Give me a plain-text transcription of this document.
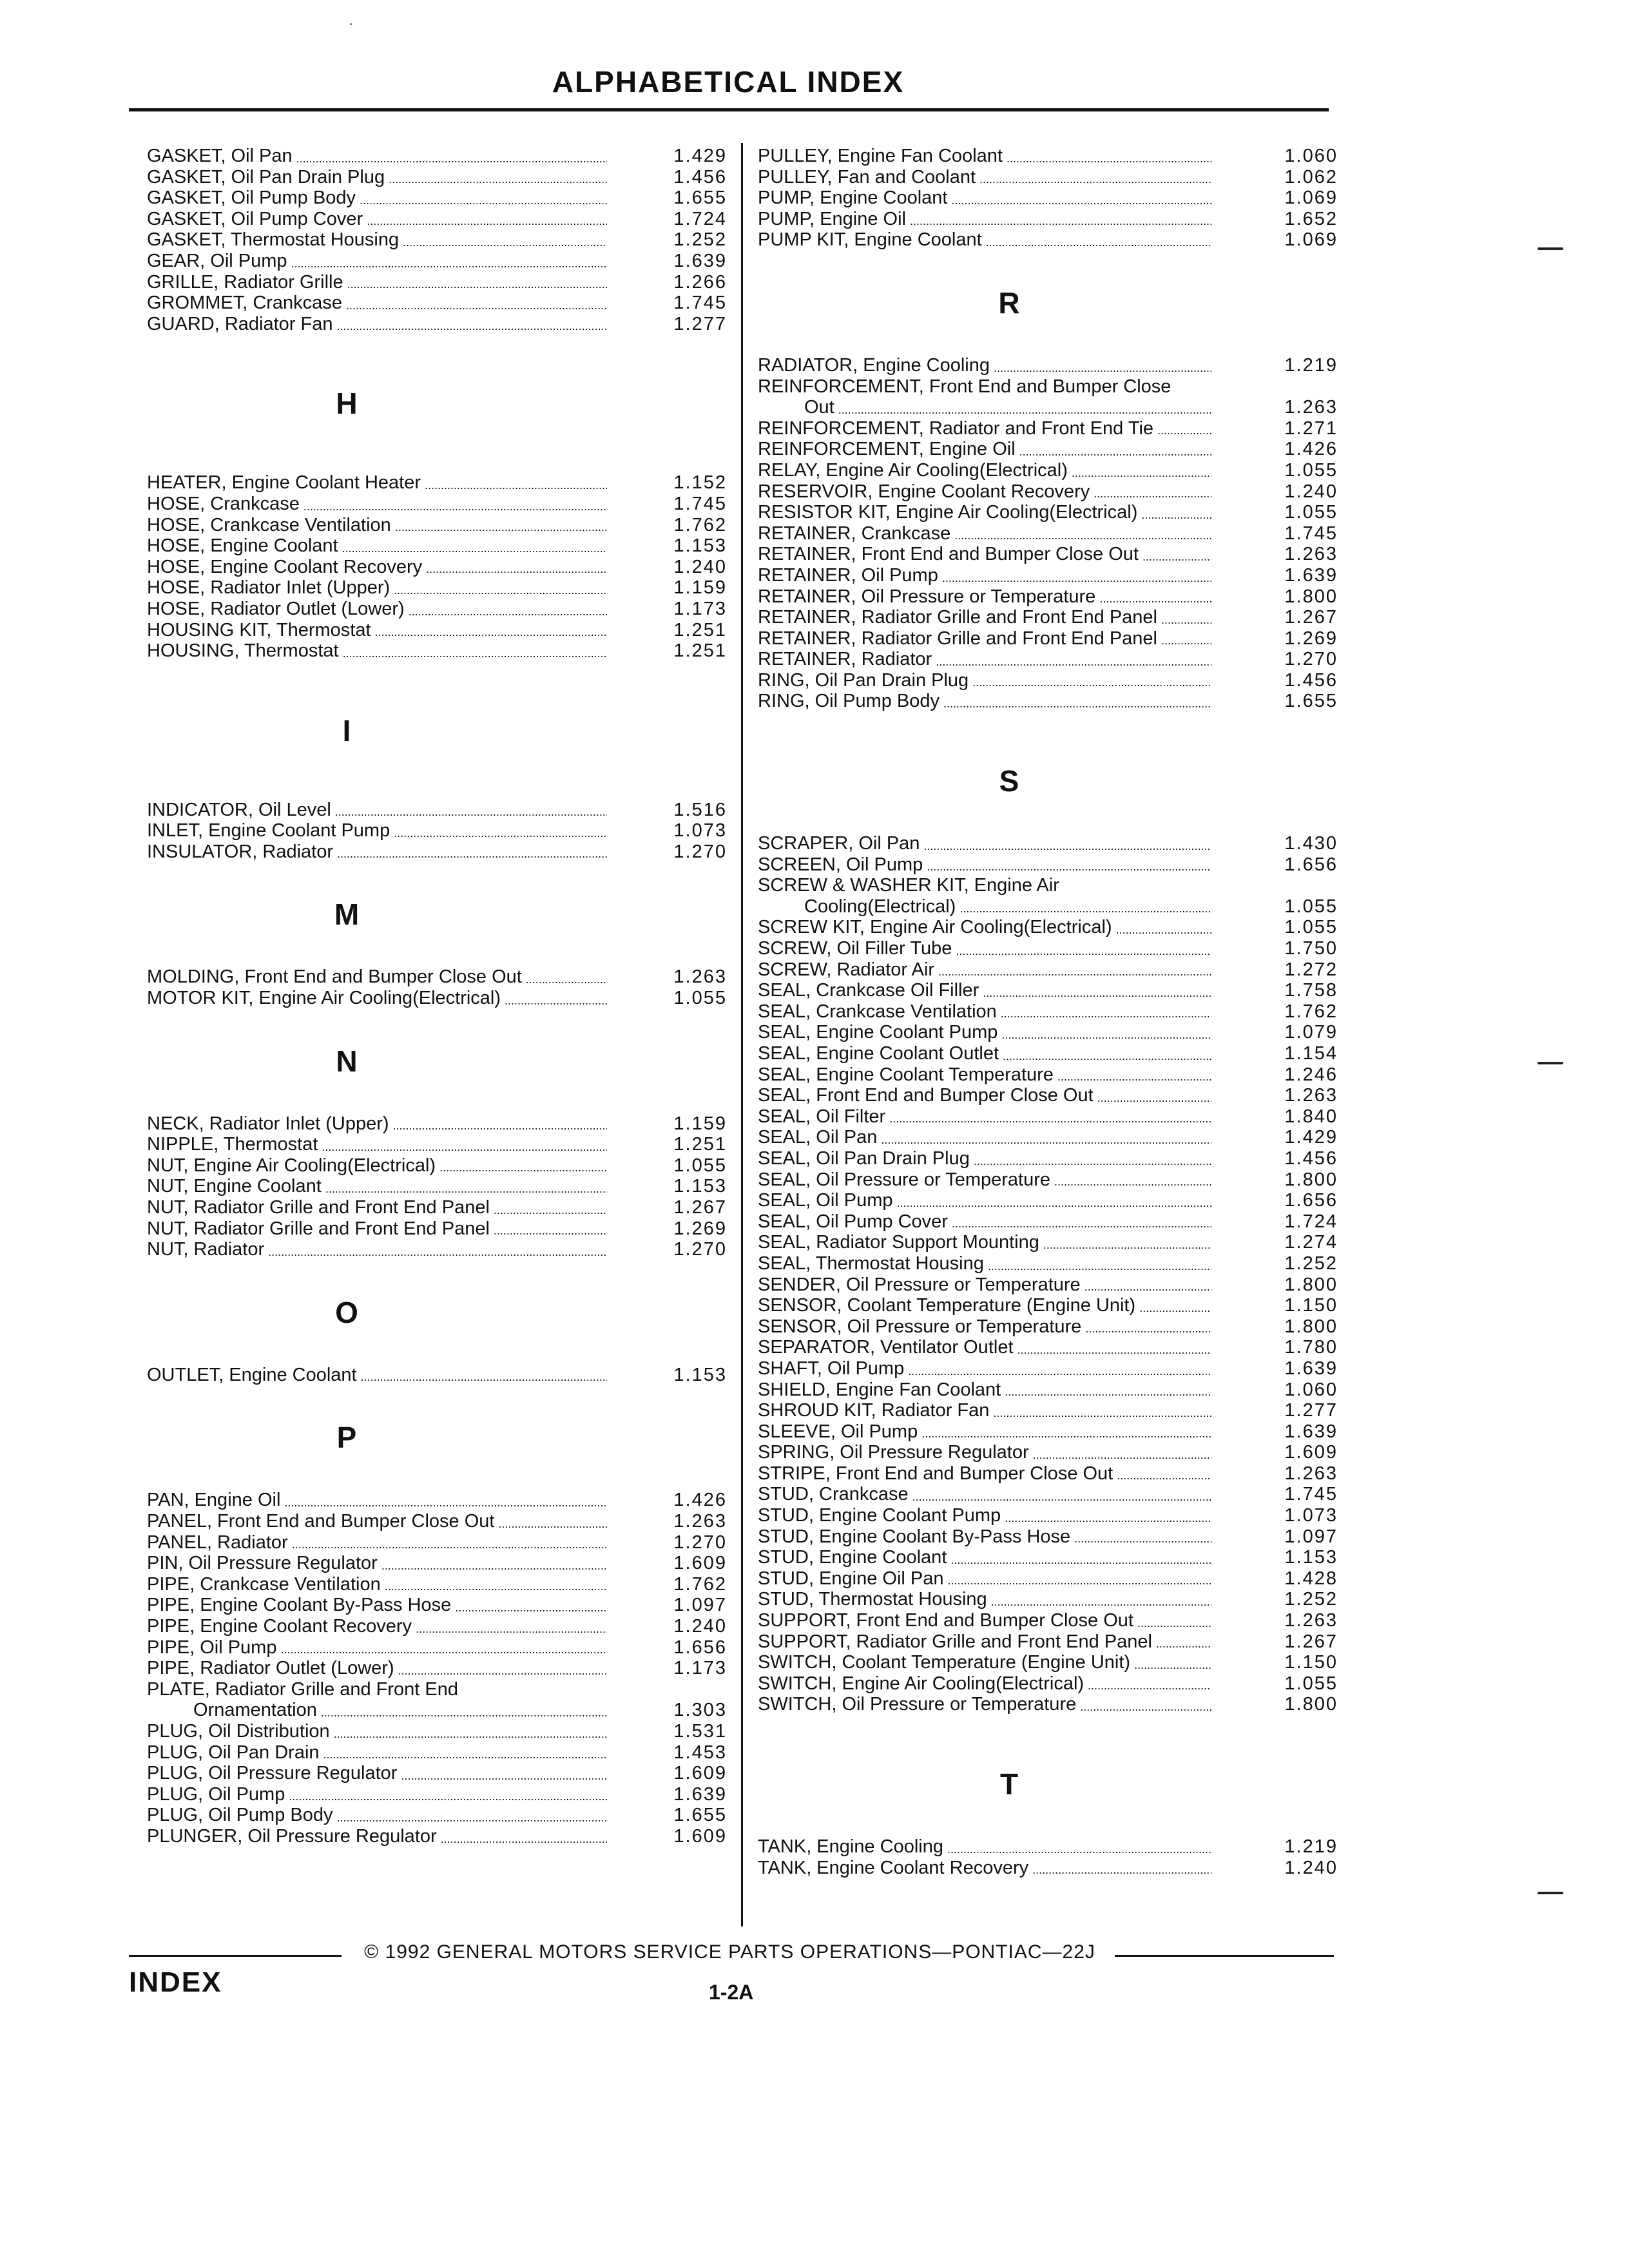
ALPHABETICAL INDEX
GASKET, Oil Pan .....	1.429
GASKET, Oil Pan Drain Plug .....	1.456
GASKET, Oil Pump Body .....	1.655
GASKET, Oil Pump Cover .....	1.724
GASKET, Thermostat Housing .....	1.252
GEAR, Oil Pump .....	1.639
GRILLE, Radiator Grille .....	1.266
GROMMET, Crankcase .....	1.745
GUARD, Radiator Fan .....	1.277
H
HEATER, Engine Coolant Heater .....	1.152
HOSE, Crankcase .....	1.745
HOSE, Crankcase Ventilation .....	1.762
HOSE, Engine Coolant .....	1.153
HOSE, Engine Coolant Recovery .....	1.240
HOSE, Radiator Inlet (Upper) .....	1.159
HOSE, Radiator Outlet (Lower) .....	1.173
HOUSING KIT, Thermostat .....	1.251
HOUSING, Thermostat .....	1.251
I
INDICATOR, Oil Level .....	1.516
INLET, Engine Coolant Pump .....	1.073
INSULATOR, Radiator .....	1.270
M
MOLDING, Front End and Bumper Close Out .....	1.263
MOTOR KIT, Engine Air Cooling(Electrical) .....	1.055
N
NECK, Radiator Inlet (Upper) .....	1.159
NIPPLE, Thermostat .....	1.251
NUT, Engine Air Cooling(Electrical) .....	1.055
NUT, Engine Coolant .....	1.153
NUT, Radiator Grille and Front End Panel .....	1.267
NUT, Radiator Grille and Front End Panel .....	1.269
NUT, Radiator .....	1.270
O
OUTLET, Engine Coolant .....	1.153
P
PAN, Engine Oil .....	1.426
PANEL, Front End and Bumper Close Out .....	1.263
PANEL, Radiator .....	1.270
PIN, Oil Pressure Regulator .....	1.609
PIPE, Crankcase Ventilation .....	1.762
PIPE, Engine Coolant By-Pass Hose .....	1.097
PIPE, Engine Coolant Recovery .....	1.240
PIPE, Oil Pump .....	1.656
PIPE, Radiator Outlet (Lower) .....	1.173
PLATE, Radiator Grille and Front End
Ornamentation .....	1.303
PLUG, Oil Distribution .....	1.531
PLUG, Oil Pan Drain .....	1.453
PLUG, Oil Pressure Regulator .....	1.609
PLUG, Oil Pump .....	1.639
PLUG, Oil Pump Body .....	1.655
PLUNGER, Oil Pressure Regulator .....	1.609
PULLEY, Engine Fan Coolant .....	1.060
PULLEY, Fan and Coolant .....	1.062
PUMP, Engine Coolant .....	1.069
PUMP, Engine Oil .....	1.652
PUMP KIT, Engine Coolant .....	1.069
R
RADIATOR, Engine Cooling .....	1.219
REINFORCEMENT, Front End and Bumper Close
Out .....	1.263
REINFORCEMENT, Radiator and Front End Tie .....	1.271
REINFORCEMENT, Engine Oil .....	1.426
RELAY, Engine Air Cooling(Electrical) .....	1.055
RESERVOIR, Engine Coolant Recovery .....	1.240
RESISTOR KIT, Engine Air Cooling(Electrical) .....	1.055
RETAINER, Crankcase .....	1.745
RETAINER, Front End and Bumper Close Out .....	1.263
RETAINER, Oil Pump .....	1.639
RETAINER, Oil Pressure or Temperature .....	1.800
RETAINER, Radiator Grille and Front End Panel .....	1.267
RETAINER, Radiator Grille and Front End Panel .....	1.269
RETAINER, Radiator .....	1.270
RING, Oil Pan Drain Plug .....	1.456
RING, Oil Pump Body .....	1.655
S
SCRAPER, Oil Pan .....	1.430
SCREEN, Oil Pump .....	1.656
SCREW & WASHER KIT, Engine Air
Cooling(Electrical) .....	1.055
SCREW KIT, Engine Air Cooling(Electrical) .....	1.055
SCREW, Oil Filler Tube .....	1.750
SCREW, Radiator Air .....	1.272
SEAL, Crankcase Oil Filler .....	1.758
SEAL, Crankcase Ventilation .....	1.762
SEAL, Engine Coolant Pump .....	1.079
SEAL, Engine Coolant Outlet .....	1.154
SEAL, Engine Coolant Temperature .....	1.246
SEAL, Front End and Bumper Close Out .....	1.263
SEAL, Oil Filter .....	1.840
SEAL, Oil Pan .....	1.429
SEAL, Oil Pan Drain Plug .....	1.456
SEAL, Oil Pressure or Temperature .....	1.800
SEAL, Oil Pump .....	1.656
SEAL, Oil Pump Cover .....	1.724
SEAL, Radiator Support Mounting .....	1.274
SEAL, Thermostat Housing .....	1.252
SENDER, Oil Pressure or Temperature .....	1.800
SENSOR, Coolant Temperature (Engine Unit) .....	1.150
SENSOR, Oil Pressure or Temperature .....	1.800
SEPARATOR, Ventilator Outlet .....	1.780
SHAFT, Oil Pump .....	1.639
SHIELD, Engine Fan Coolant .....	1.060
SHROUD KIT, Radiator Fan .....	1.277
SLEEVE, Oil Pump .....	1.639
SPRING, Oil Pressure Regulator .....	1.609
STRIPE, Front End and Bumper Close Out .....	1.263
STUD, Crankcase .....	1.745
STUD, Engine Coolant Pump .....	1.073
STUD, Engine Coolant By-Pass Hose .....	1.097
STUD, Engine Coolant .....	1.153
STUD, Engine Oil Pan .....	1.428
STUD, Thermostat Housing .....	1.252
SUPPORT, Front End and Bumper Close Out .....	1.263
SUPPORT, Radiator Grille and Front End Panel .....	1.267
SWITCH, Coolant Temperature (Engine Unit) .....	1.150
SWITCH, Engine Air Cooling(Electrical) .....	1.055
SWITCH, Oil Pressure or Temperature .....	1.800
T
TANK, Engine Cooling .....	1.219
TANK, Engine Coolant Recovery .....	1.240
© 1992 GENERAL MOTORS SERVICE PARTS OPERATIONS—PONTIAC—22J
INDEX	1-2A
